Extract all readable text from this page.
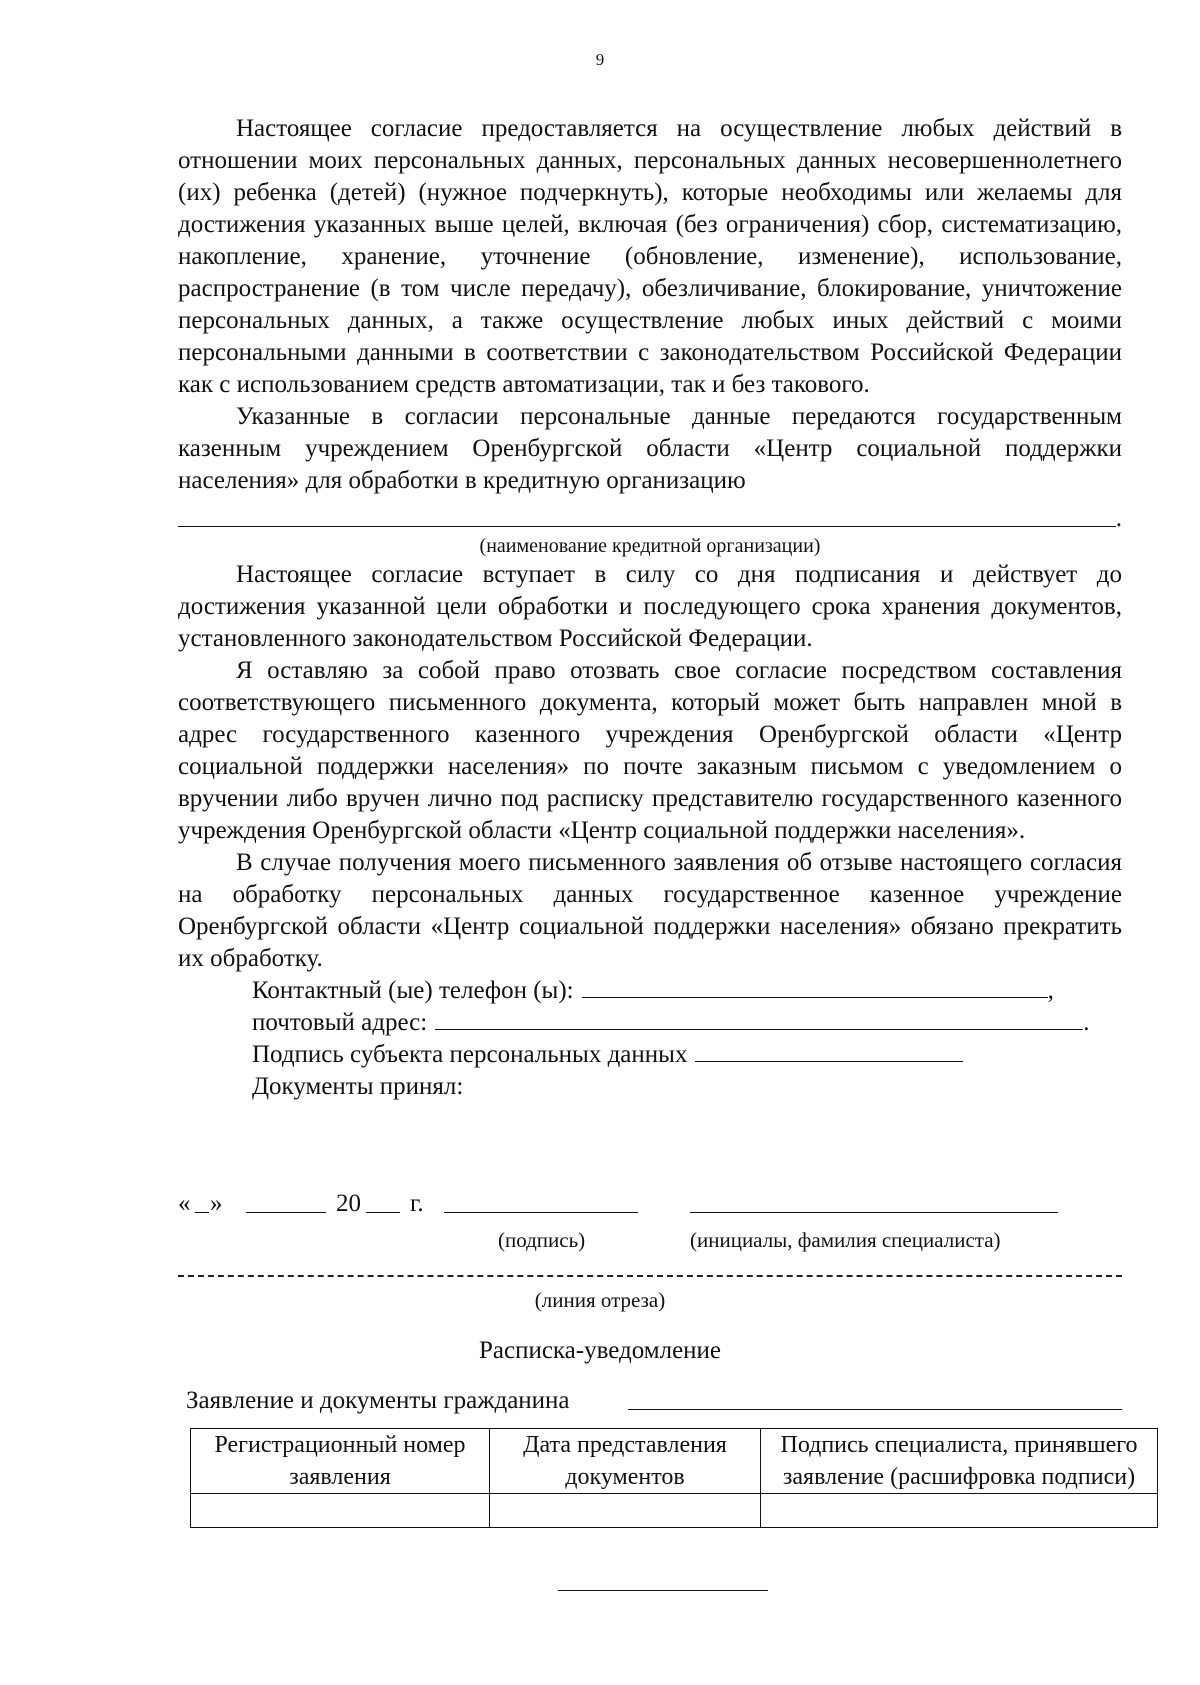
9

Настоящее согласие предоставляется на осуществление любых действий в отношении моих персональных данных, персональных данных несовершеннолетнего (их) ребенка (детей) (нужное подчеркнуть), которые необходимы или желаемы для достижения указанных выше целей, включая (без ограничения) сбор, систематизацию, накопление, хранение, уточнение (обновление, изменение), использование, распространение (в том числе передачу), обезличивание, блокирование, уничтожение персональных данных, а также осуществление любых иных действий с моими персональными данными в соответствии с законодательством Российской Федерации как с использованием средств автоматизации, так и без такового.

Указанные в согласии персональные данные передаются государственным казенным учреждением Оренбургской области «Центр социальной поддержки населения» для обработки в кредитную организацию

.
(наименование кредитной организации)

Настоящее согласие вступает в силу со дня подписания и действует до достижения указанной цели обработки и последующего срока хранения документов, установленного законодательством Российской Федерации.

Я оставляю за собой право отозвать свое согласие посредством составления соответствующего письменного документа, который может быть направлен мной в адрес государственного казенного учреждения Оренбургской области «Центр социальной поддержки населения» по почте заказным письмом с уведомлением о вручении либо вручен лично под расписку представителю государственного казенного учреждения Оренбургской области «Центр социальной поддержки населения».

В случае получения моего письменного заявления об отзыве настоящего согласия на обработку персональных данных государственное казенное учреждение Оренбургской области «Центр социальной поддержки населения» обязано прекратить их обработку.

Контактный (ые) телефон (ы):	,
почтовый адрес:	.
Подпись субъекта персональных данных
Документы принял:
« »	20 г.
(подпись)	(инициалы, фамилия специалиста)
(линия отреза)
Расписка-уведомление
Заявление и документы гражданина
Регистрационный номер заявления	Дата представления документов	Подпись специалиста, принявшего заявление (расшифровка подписи)
